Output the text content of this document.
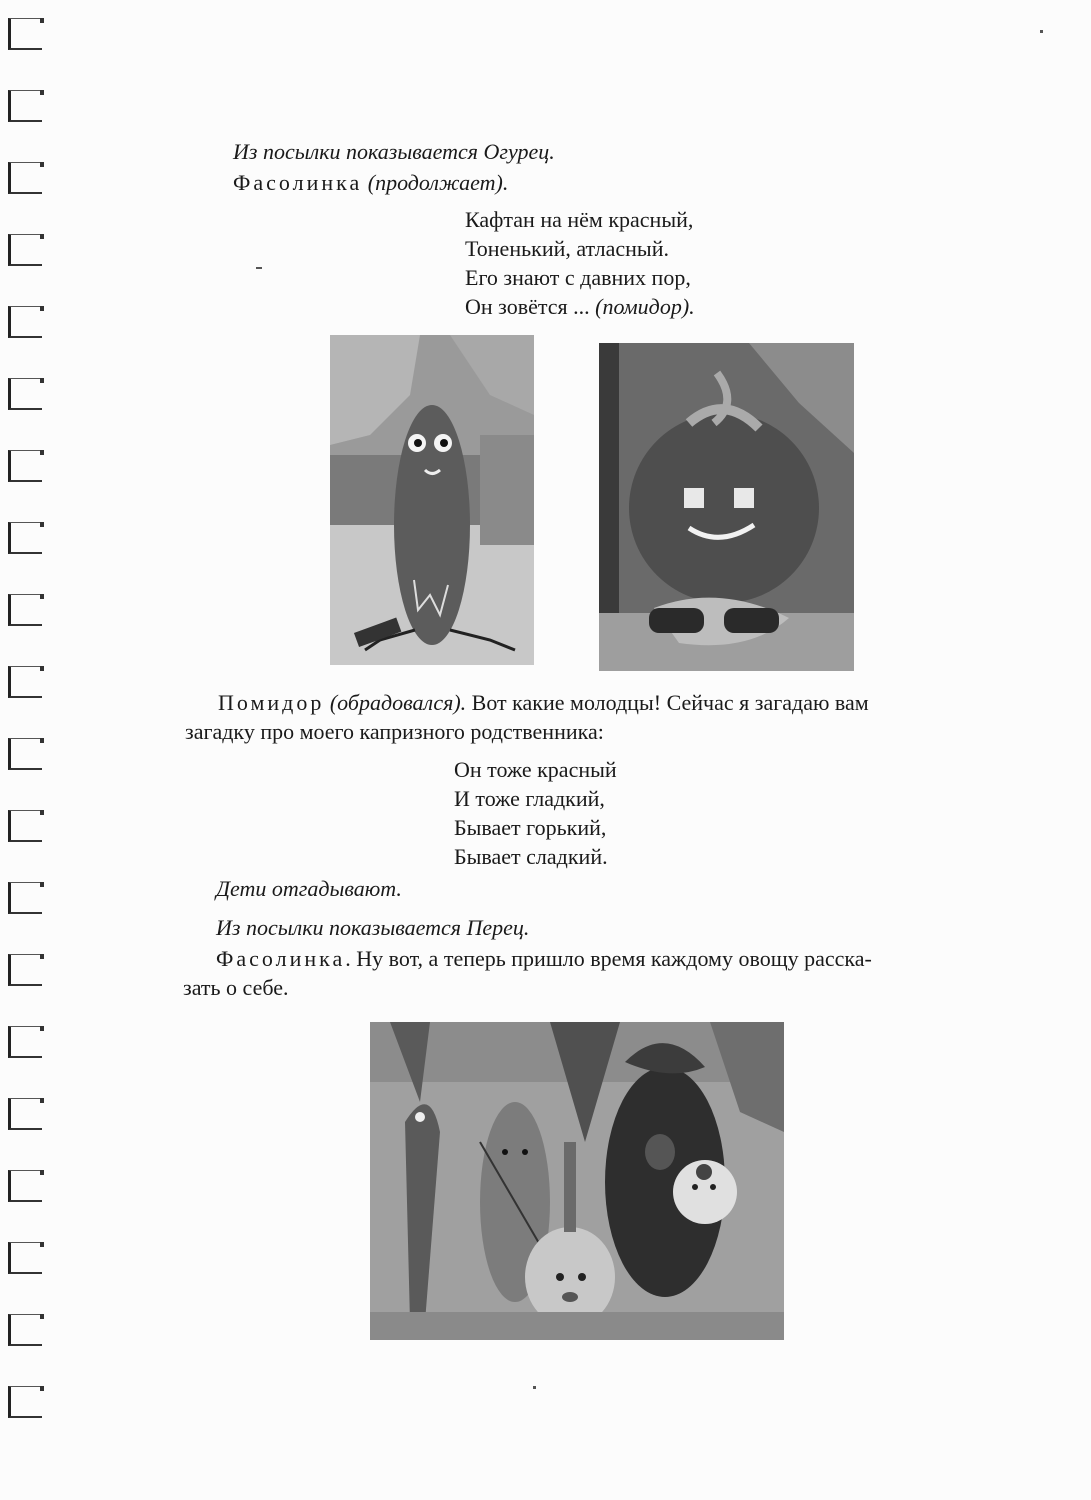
Из посылки показывается Огурец.
Фасолинка (продолжает).
Кафтан на нём красный,
Тоненький, атласный.
Его знают с давних пор,
Он зовётся ... (помидор).
Помидор (обрадовался). Вот какие молодцы! Сейчас я загадаю вам
загадку про моего капризного родственника:
Он тоже красный
И тоже гладкий,
Бывает горький,
Бывает сладкий.
Дети отгадывают.
Из посылки показывается Перец.
Фасолинка. Ну вот, а теперь пришло время каждому овощу расска-
зать о себе.
